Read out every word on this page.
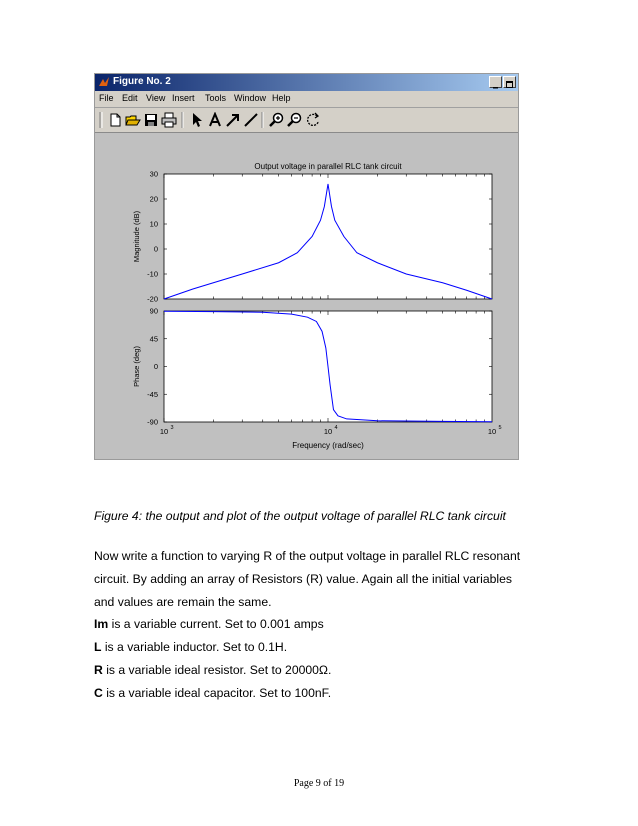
Figure No. 2
File Edit View Insert Tools Window Help
30
20
10
0
-10
-20
Output voltage in parallel RLC tank circuit
Magnitude (dB)
90
45
0
-45
-90
Phase (deg)
10 3	10 4	10 5
Frequency (rad/sec)
Figure 4: the output and plot of the output voltage of parallel RLC tank circuit
Now write a function to varying R of the output voltage in parallel RLC resonant
circuit. By adding an array of Resistors (R) value. Again all the initial variables
and values are remain the same.
Im is a variable current. Set to 0.001 amps
L is a variable inductor. Set to 0.1H.
R is a variable ideal resistor. Set to 20000Ω.
C is a variable ideal capacitor. Set to 100nF.
Page 9 of 19
